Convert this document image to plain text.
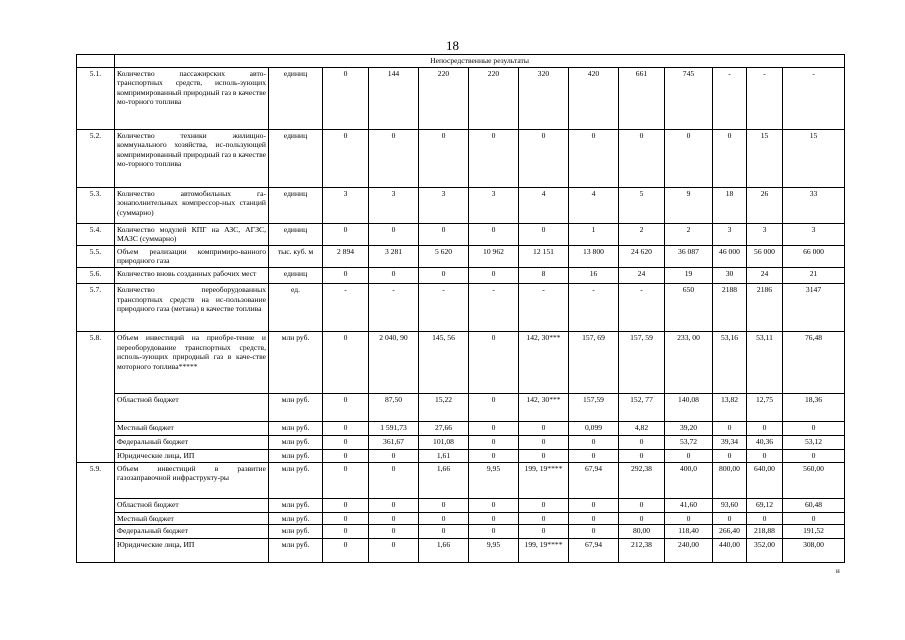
18
	Непосредственные результаты												
5.1.	Количество пассажирских авто-транспортных средств, исполь-зующих компримированный природный газ в качестве мо-торного топлива	единиц	0	144	220	220	320	420	661	745	-	-	-
5.2.	Количество техники жилищно-коммунального хозяйства, ис-пользующей компримированный природный газ в качестве мо-торного топлива	единиц	0	0	0	0	0	0	0	0	0	15	15
5.3.	Количество автомобильных га-зонаполнительных компрессор-ных станций (суммарно)	единиц	3	3	3	3	4	4	5	9	18	26	33
5.4.	Количество модулей КПГ на АЗС, АГЗС, МАЗС (суммарно)	единиц	0	0	0	0	0	1	2	2	3	3	3
5.5.	Объем реализации компримиро-ванного природного газа	тыс. куб. м	2 894	3 281	5 620	10 962	12 151	13 800	24 620	36 087	46 000	56 000	66 000
5.6.	Количество вновь созданных рабочих мест	единиц	0	0	0	0	8	16	24	19	30	24	21
5.7.	Количество переоборудованных транспортных средств на ис-пользование природного газа (метана) в качестве топлива	ед.	-	-	-	-	-	-	-	650	2188	2186	3147
5.8.	Объем инвестиций на приобре-тение и переоборудование транспортных средств, исполь-зующих природный газ в каче-стве моторного топлива*****	млн руб.	0	2 040, 90	145, 56	0	142, 30***	157, 69	157, 59	233, 00	53,16	53,11	76,48
	Областной бюджет	млн руб.	0	87,50	15,22	0	142, 30***	157,59	152, 77	140,08	13,82	12,75	18,36
	Местный бюджет	млн руб.	0	1 591,73	27,66	0	0	0,099	4,82	39,20	0	0	0
	Федеральный бюджет	млн руб.	0	361,67	101,08	0	0	0	0	53,72	39,34	40,36	53,12
	Юридические лица, ИП	млн руб.	0	0	1,61	0	0	0	0	0	0	0	0
5.9.	Объем инвестиций в развитие газозаправочной инфраструкту-ры	млн руб.	0	0	1,66	9,95	199, 19****	67,94	292,38	400,0	800,00	640,00	560,00
	Областной бюджет	млн руб.	0	0	0	0	0	0	0	41,60	93,60	69,12	60,48
	Местный бюджет	млн руб.	0	0	0	0	0	0	0	0	0	0	0
	Федеральный бюджет	млн руб.	0	0	0	0	0	0	80,00	118,40	266,40	218,88	191,52
	Юридические лица, ИП	млн руб.	0	0	1,66	9,95	199, 19****	67,94	212,38	240,00	440,00	352,00	308,00
н
